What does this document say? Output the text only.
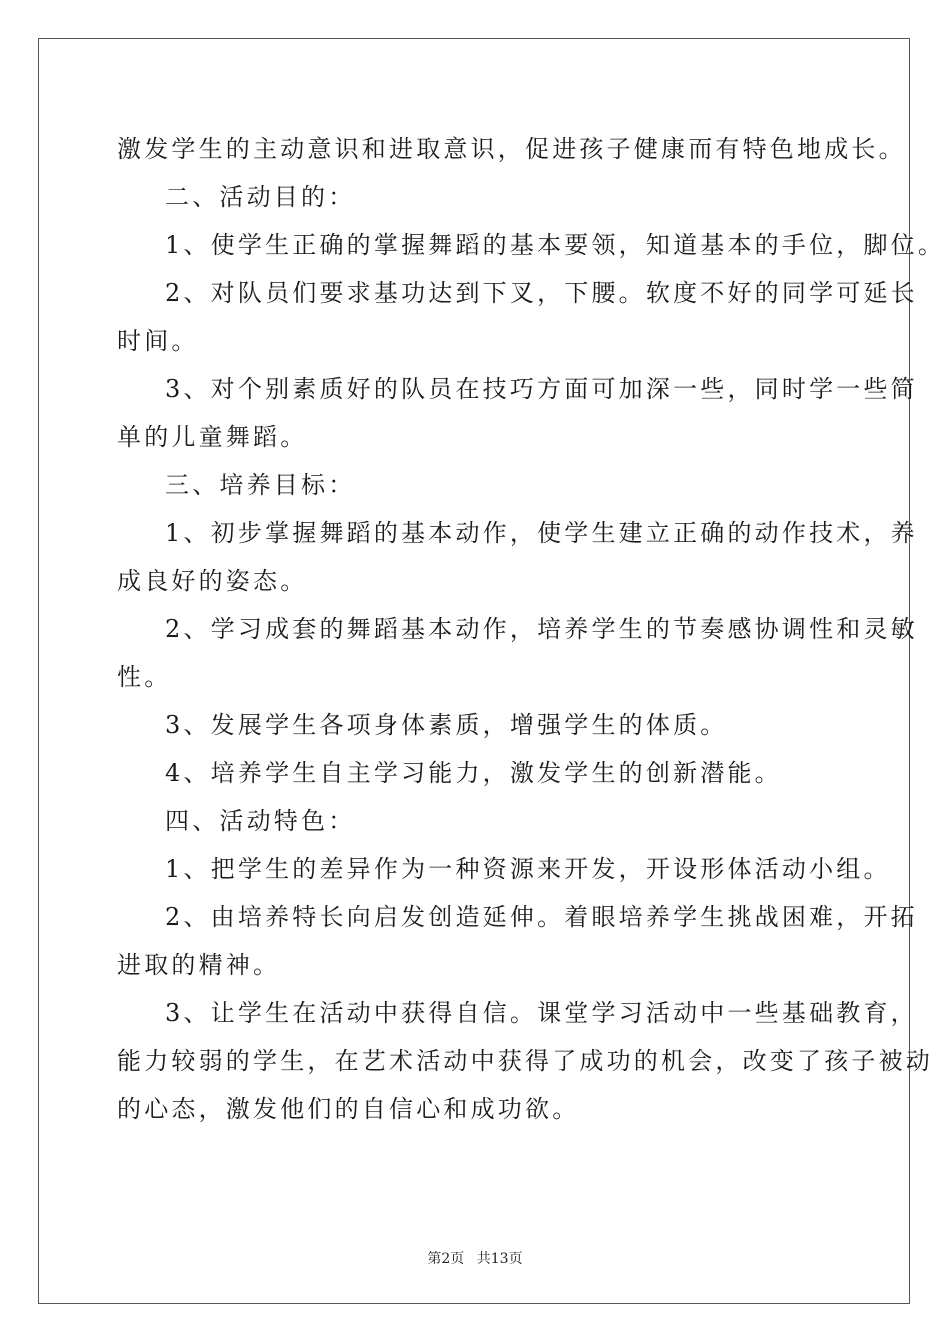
激发学生的主动意识和进取意识，促进孩子健康而有特色地成长。
二、活动目的：
1、使学生正确的掌握舞蹈的基本要领，知道基本的手位，脚位。
2、对队员们要求基功达到下叉，下腰。软度不好的同学可延长
时间。
3、对个别素质好的队员在技巧方面可加深一些，同时学一些简
单的儿童舞蹈。
三、培养目标：
1、初步掌握舞蹈的基本动作，使学生建立正确的动作技术，养
成良好的姿态。
2、学习成套的舞蹈基本动作，培养学生的节奏感协调性和灵敏
性。
3、发展学生各项身体素质，增强学生的体质。
4、培养学生自主学习能力，激发学生的创新潜能。
四、活动特色：
1、把学生的差异作为一种资源来开发，开设形体活动小组。
2、由培养特长向启发创造延伸。着眼培养学生挑战困难，开拓
进取的精神。
3、让学生在活动中获得自信。课堂学习活动中一些基础教育，
能力较弱的学生，在艺术活动中获得了成功的机会，改变了孩子被动
的心态，激发他们的自信心和成功欲。
第2页 共13页
